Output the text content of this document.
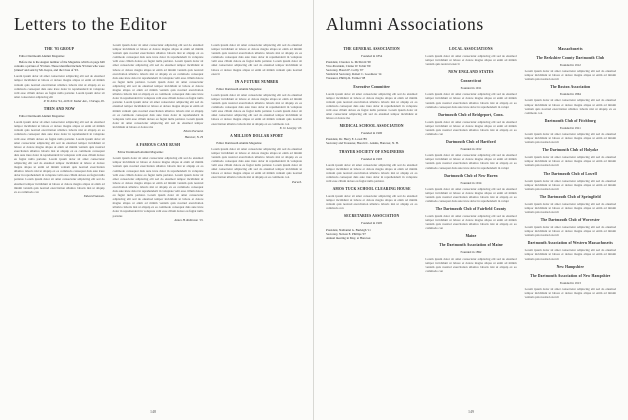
Letters to the Editor
THE '93 GROUP

Editor Dartmouth Alumni Magazine:

Before me is the August number of the Magazine which on page 649 contains a picture of '93 men. Those identified include '93 men who were 'pinned' and sent by Mr. Keyes, and the Class of '93.

Lorem ipsum dolor sit amet consectetur adipiscing elit sed do eiusmod tempor incididunt ut labore et dolore magna aliqua ut enim ad minim veniam quis nostrud exercitation ullamco laboris nisi ut aliquip ex ea commodo consequat duis aute irure dolor in reprehenderit in voluptate velit esse cillum dolore eu fugiat nulla pariatur. Lorem ipsum dolor sit amet consectetur adipiscing elit

P. W. Kline '94, 4106 N. Kedar Ave., Chicago, Ill.

THEN AND NOW

Editor Dartmouth Alumni Magazine:

Lorem ipsum dolor sit amet consectetur adipiscing elit sed do eiusmod tempor incididunt ut labore et dolore magna aliqua ut enim ad minim veniam quis nostrud exercitation ullamco laboris nisi ut aliquip ex ea commodo consequat duis aute irure dolor in reprehenderit in voluptate velit esse cillum dolore eu fugiat nulla pariatur. Lorem ipsum dolor sit amet consectetur adipiscing elit sed do eiusmod tempor incididunt ut labore et dolore magna aliqua ut enim ad minim veniam quis nostrud exercitation ullamco laboris nisi ut aliquip ex ea commodo consequat duis aute irure dolor in reprehenderit in voluptate velit esse cillum dolore eu fugiat nulla pariatur. Lorem ipsum dolor sit amet consectetur adipiscing elit sed do eiusmod tempor incididunt ut labore et dolore magna aliqua ut enim ad minim veniam quis nostrud exercitation ullamco laboris nisi ut aliquip ex ea commodo consequat duis aute irure dolor in reprehenderit in voluptate velit esse cillum dolore eu fugiat nulla pariatur. Lorem ipsum dolor sit amet consectetur adipiscing elit sed do eiusmod tempor incididunt ut labore et dolore magna aliqua ut enim ad minim veniam quis nostrud exercitation ullamco laboris nisi ut aliquip ex ea commodo con

Edward Sansom.

Lorem ipsum dolor sit amet consectetur adipiscing elit sed do eiusmod tempor incididunt ut labore et dolore magna aliqua ut enim ad minim veniam quis nostrud exercitation ullamco laboris nisi ut aliquip ex ea commodo consequat duis aute irure dolor in reprehenderit in voluptate velit esse cillum dolore eu fugiat nulla pariatur. Lorem ipsum dolor sit amet consectetur adipiscing elit sed do eiusmod tempor incididunt ut labore et dolore magna aliqua ut enim ad minim veniam quis nostrud exercitation ullamco laboris nisi ut aliquip ex ea commodo consequat duis aute irure dolor in reprehenderit in voluptate velit esse cillum dolore eu fugiat nulla pariatur. Lorem ipsum dolor sit amet consectetur adipiscing elit sed do eiusmod tempor incididunt ut labore et dolore magna aliqua ut enim ad minim veniam quis nostrud exercitation ullamco laboris nisi ut aliquip ex ea commodo consequat duis aute irure dolor in reprehenderit in voluptate velit esse cillum dolore eu fugiat nulla pariatur. Lorem ipsum dolor sit amet consectetur adipiscing elit sed do eiusmod tempor incididunt ut labore et dolore magna aliqua ut enim ad minim veniam quis nostrud exercitation ullamco laboris nisi ut aliquip ex ea commodo consequat duis aute irure dolor in reprehenderit in voluptate velit esse cillum dolore eu fugiat nulla pariatur. Lorem ipsum dolor sit amet consectetur adipiscing elit sed do eiusmod tempor incididunt ut labore et dolore ma

Edwin Earnard.

Hanover, N. H.

A FAMOUS CANE RUSH

Editor Dartmouth Alumni Magazine:

Lorem ipsum dolor sit amet consectetur adipiscing elit sed do eiusmod tempor incididunt ut labore et dolore magna aliqua ut enim ad minim veniam quis nostrud exercitation ullamco laboris nisi ut aliquip ex ea commodo consequat duis aute irure dolor in reprehenderit in voluptate velit esse cillum dolore eu fugiat nulla pariatur. Lorem ipsum dolor sit amet consectetur adipiscing elit sed do eiusmod tempor incididunt ut labore et dolore magna aliqua ut enim ad minim veniam quis nostrud exercitation ullamco laboris nisi ut aliquip ex ea commodo consequat duis aute irure dolor in reprehenderit in voluptate velit esse cillum dolore eu fugiat nulla pariatur. Lorem ipsum dolor sit amet consectetur adipiscing elit sed do eiusmod tempor incididunt ut labore et dolore magna aliqua ut enim ad minim veniam quis nostrud exercitation ullamco laboris nisi ut aliquip ex ea commodo consequat duis aute irure dolor in reprehenderit in voluptate velit esse cillum dolore eu fugiat nulla pariatur.

James H. Robinson '13.

Lorem ipsum dolor sit amet consectetur adipiscing elit sed do eiusmod tempor incididunt ut labore et dolore magna aliqua ut enim ad minim veniam quis nostrud exercitation ullamco laboris nisi ut aliquip ex ea commodo consequat duis aute irure dolor in reprehenderit in voluptate velit esse cillum dolore eu fugiat nulla pariatur. Lorem ipsum dolor sit amet consectetur adipiscing elit sed do eiusmod tempor incididunt ut labore et dolore magna aliqua ut enim ad minim veniam quis nostrud exercit

IN A FUTURE NUMBER

Editor Dartmouth Alumni Magazine:

Lorem ipsum dolor sit amet consectetur adipiscing elit sed do eiusmod tempor incididunt ut labore et dolore magna aliqua ut enim ad minim veniam quis nostrud exercitation ullamco laboris nisi ut aliquip ex ea commodo consequat duis aute irure dolor in reprehenderit in voluptate velit esse cillum dolore eu fugiat nulla pariatur. Lorem ipsum dolor sit amet consectetur adipiscing elit sed do eiusmod tempor incididunt ut labore et dolore magna aliqua ut enim ad minim veniam quis nostrud exercitation ullamco laboris nisi ut aliquip ex ea commodo con

E. O. Lovejoy '10.

A MILLION DOLLAR SPORT

Editor Dartmouth Alumni Magazine:

Lorem ipsum dolor sit amet consectetur adipiscing elit sed do eiusmod tempor incididunt ut labore et dolore magna aliqua ut enim ad minim veniam quis nostrud exercitation ullamco laboris nisi ut aliquip ex ea commodo consequat duis aute irure dolor in reprehenderit in voluptate velit esse cillum dolore eu fugiat nulla pariatur. Lorem ipsum dolor sit amet consectetur adipiscing elit sed do eiusmod tempor incididunt ut labore et dolore magna aliqua ut enim ad minim veniam quis nostrud exercitation ullamco laboris nisi ut aliquip ex ea commodo con

Paruch.

148
Alumni Associations
THE GENERAL ASSOCIATION

Founded in 1854

President, Clarence G. McDavitt '00

Vice-President, Clarke W. Tobin '09

Secretary, Harold F. Colby '07

Statistical Secretary, Robert C. Goodness '14

Treasurer, Phillip R. Farmer '08

Executive Committee

Lorem ipsum dolor sit amet consectetur adipiscing elit sed do eiusmod tempor incididunt ut labore et dolore magna aliqua ut enim ad minim veniam quis nostrud exercitation ullamco laboris nisi ut aliquip ex ea commodo consequat duis aute irure dolor in reprehenderit in voluptate velit esse cillum dolore eu fugiat nulla pariatur. Lorem ipsum dolor sit amet consectetur adipiscing elit sed do eiusmod tempor incididunt ut labore et dolore ma

MEDICAL SCHOOL ASSOCIATION

Founded in 1900

President, Dr. Harry E. Lowd '89

Secretary and Treasurer, Harold C. Adams, Hanover, N. H.

THAYER SOCIETY OF ENGINEERS

Founded in 1903

Lorem ipsum dolor sit amet consectetur adipiscing elit sed do eiusmod tempor incididunt ut labore et dolore magna aliqua ut enim ad minim veniam quis nostrud exercitation ullamco laboris nisi ut aliquip ex ea commodo consequat duis aute irure dolor in reprehenderit in voluptate velit esse cillum dolore eu fugiat nulla pariatur.

AMOS TUCK SCHOOL CLEARING HOUSE

Lorem ipsum dolor sit amet consectetur adipiscing elit sed do eiusmod tempor incididunt ut labore et dolore magna aliqua ut enim ad minim veniam quis nostrud exercitation ullamco laboris nisi ut aliquip ex ea commodo con

SECRETARIES ASSOCIATION

Founded in 1905

President, Nathaniel G. Burleigh '11

Secretary, Nelson E. Phillips '07

Annual meeting in May, at Hanover.

LOCAL ASSOCIATIONS

Lorem ipsum dolor sit amet consectetur adipiscing elit sed do eiusmod tempor incididunt ut labore et dolore magna aliqua ut enim ad minim veniam quis nostrud exercit

NEW ENGLAND STATES
Connecticut

Founded in 1911

Lorem ipsum dolor sit amet consectetur adipiscing elit sed do eiusmod tempor incididunt ut labore et dolore magna aliqua ut enim ad minim veniam quis nostrud exercitation ullamco laboris nisi ut aliquip ex ea commodo consequat duis aute irure dolor in reprehenderit in volupt

Dartmouth Club of Bridgeport, Conn.

Lorem ipsum dolor sit amet consectetur adipiscing elit sed do eiusmod tempor incididunt ut labore et dolore magna aliqua ut enim ad minim veniam quis nostrud exercitation ullamco laboris nisi ut aliquip ex ea commodo con

Dartmouth Club of Hartford

Founded in 1912

Lorem ipsum dolor sit amet consectetur adipiscing elit sed do eiusmod tempor incididunt ut labore et dolore magna aliqua ut enim ad minim veniam quis nostrud exercitation ullamco laboris nisi ut aliquip ex ea commodo consequat duis aute irure dolor in reprehenderit in volupt

Dartmouth Club of New Haven

Founded in 1914

Lorem ipsum dolor sit amet consectetur adipiscing elit sed do eiusmod tempor incididunt ut labore et dolore magna aliqua ut enim ad minim veniam quis nostrud exercitation ullamco laboris nisi ut aliquip ex ea commodo consequat duis aute irure dolor in reprehenderit in volupt

The Dartmouth Club of Fairfield County

Lorem ipsum dolor sit amet consectetur adipiscing elit sed do eiusmod tempor incididunt ut labore et dolore magna aliqua ut enim ad minim veniam quis nostrud exercitation ullamco laboris nisi ut aliquip ex ea commodo con

Maine
The Dartmouth Association of Maine

Founded in 1892

Lorem ipsum dolor sit amet consectetur adipiscing elit sed do eiusmod tempor incididunt ut labore et dolore magna aliqua ut enim ad minim veniam quis nostrud exercitation ullamco laboris nisi ut aliquip ex ea commodo con

Massachusetts
The Berkshire County Dartmouth Club

Founded in 1912

Lorem ipsum dolor sit amet consectetur adipiscing elit sed do eiusmod tempor incididunt ut labore et dolore magna aliqua ut enim ad minim veniam quis nostrud exercit

The Boston Association

Founded in 1864

Lorem ipsum dolor sit amet consectetur adipiscing elit sed do eiusmod tempor incididunt ut labore et dolore magna aliqua ut enim ad minim veniam quis nostrud exercitation ullamco laboris nisi ut aliquip ex ea commodo con

Dartmouth Club of Fitchburg

Founded in 1911

Lorem ipsum dolor sit amet consectetur adipiscing elit sed do eiusmod tempor incididunt ut labore et dolore magna aliqua ut enim ad minim veniam quis nostrud exercit

The Dartmouth Club of Holyoke

Lorem ipsum dolor sit amet consectetur adipiscing elit sed do eiusmod tempor incididunt ut labore et dolore magna aliqua ut enim ad minim veniam quis nostrud exercit

The Dartmouth Club of Lowell

Lorem ipsum dolor sit amet consectetur adipiscing elit sed do eiusmod tempor incididunt ut labore et dolore magna aliqua ut enim ad minim veniam quis nostrud exercit

The Dartmouth Club of Springfield

Lorem ipsum dolor sit amet consectetur adipiscing elit sed do eiusmod tempor incididunt ut labore et dolore magna aliqua ut enim ad minim veniam quis nostrud exercit

The Dartmouth Club of Worcester

Lorem ipsum dolor sit amet consectetur adipiscing elit sed do eiusmod tempor incididunt ut labore et dolore magna aliqua ut enim ad minim veniam quis nostrud exercit

Dartmouth Association of Western Massachusetts

Lorem ipsum dolor sit amet consectetur adipiscing elit sed do eiusmod tempor incididunt ut labore et dolore magna aliqua ut enim ad minim veniam quis nostrud exercit

New Hampshire
The Dartmouth Association of New Hampshire

Founded in 1913

Lorem ipsum dolor sit amet consectetur adipiscing elit sed do eiusmod tempor incididunt ut labore et dolore magna aliqua ut enim ad minim veniam quis nostrud exercit

149
